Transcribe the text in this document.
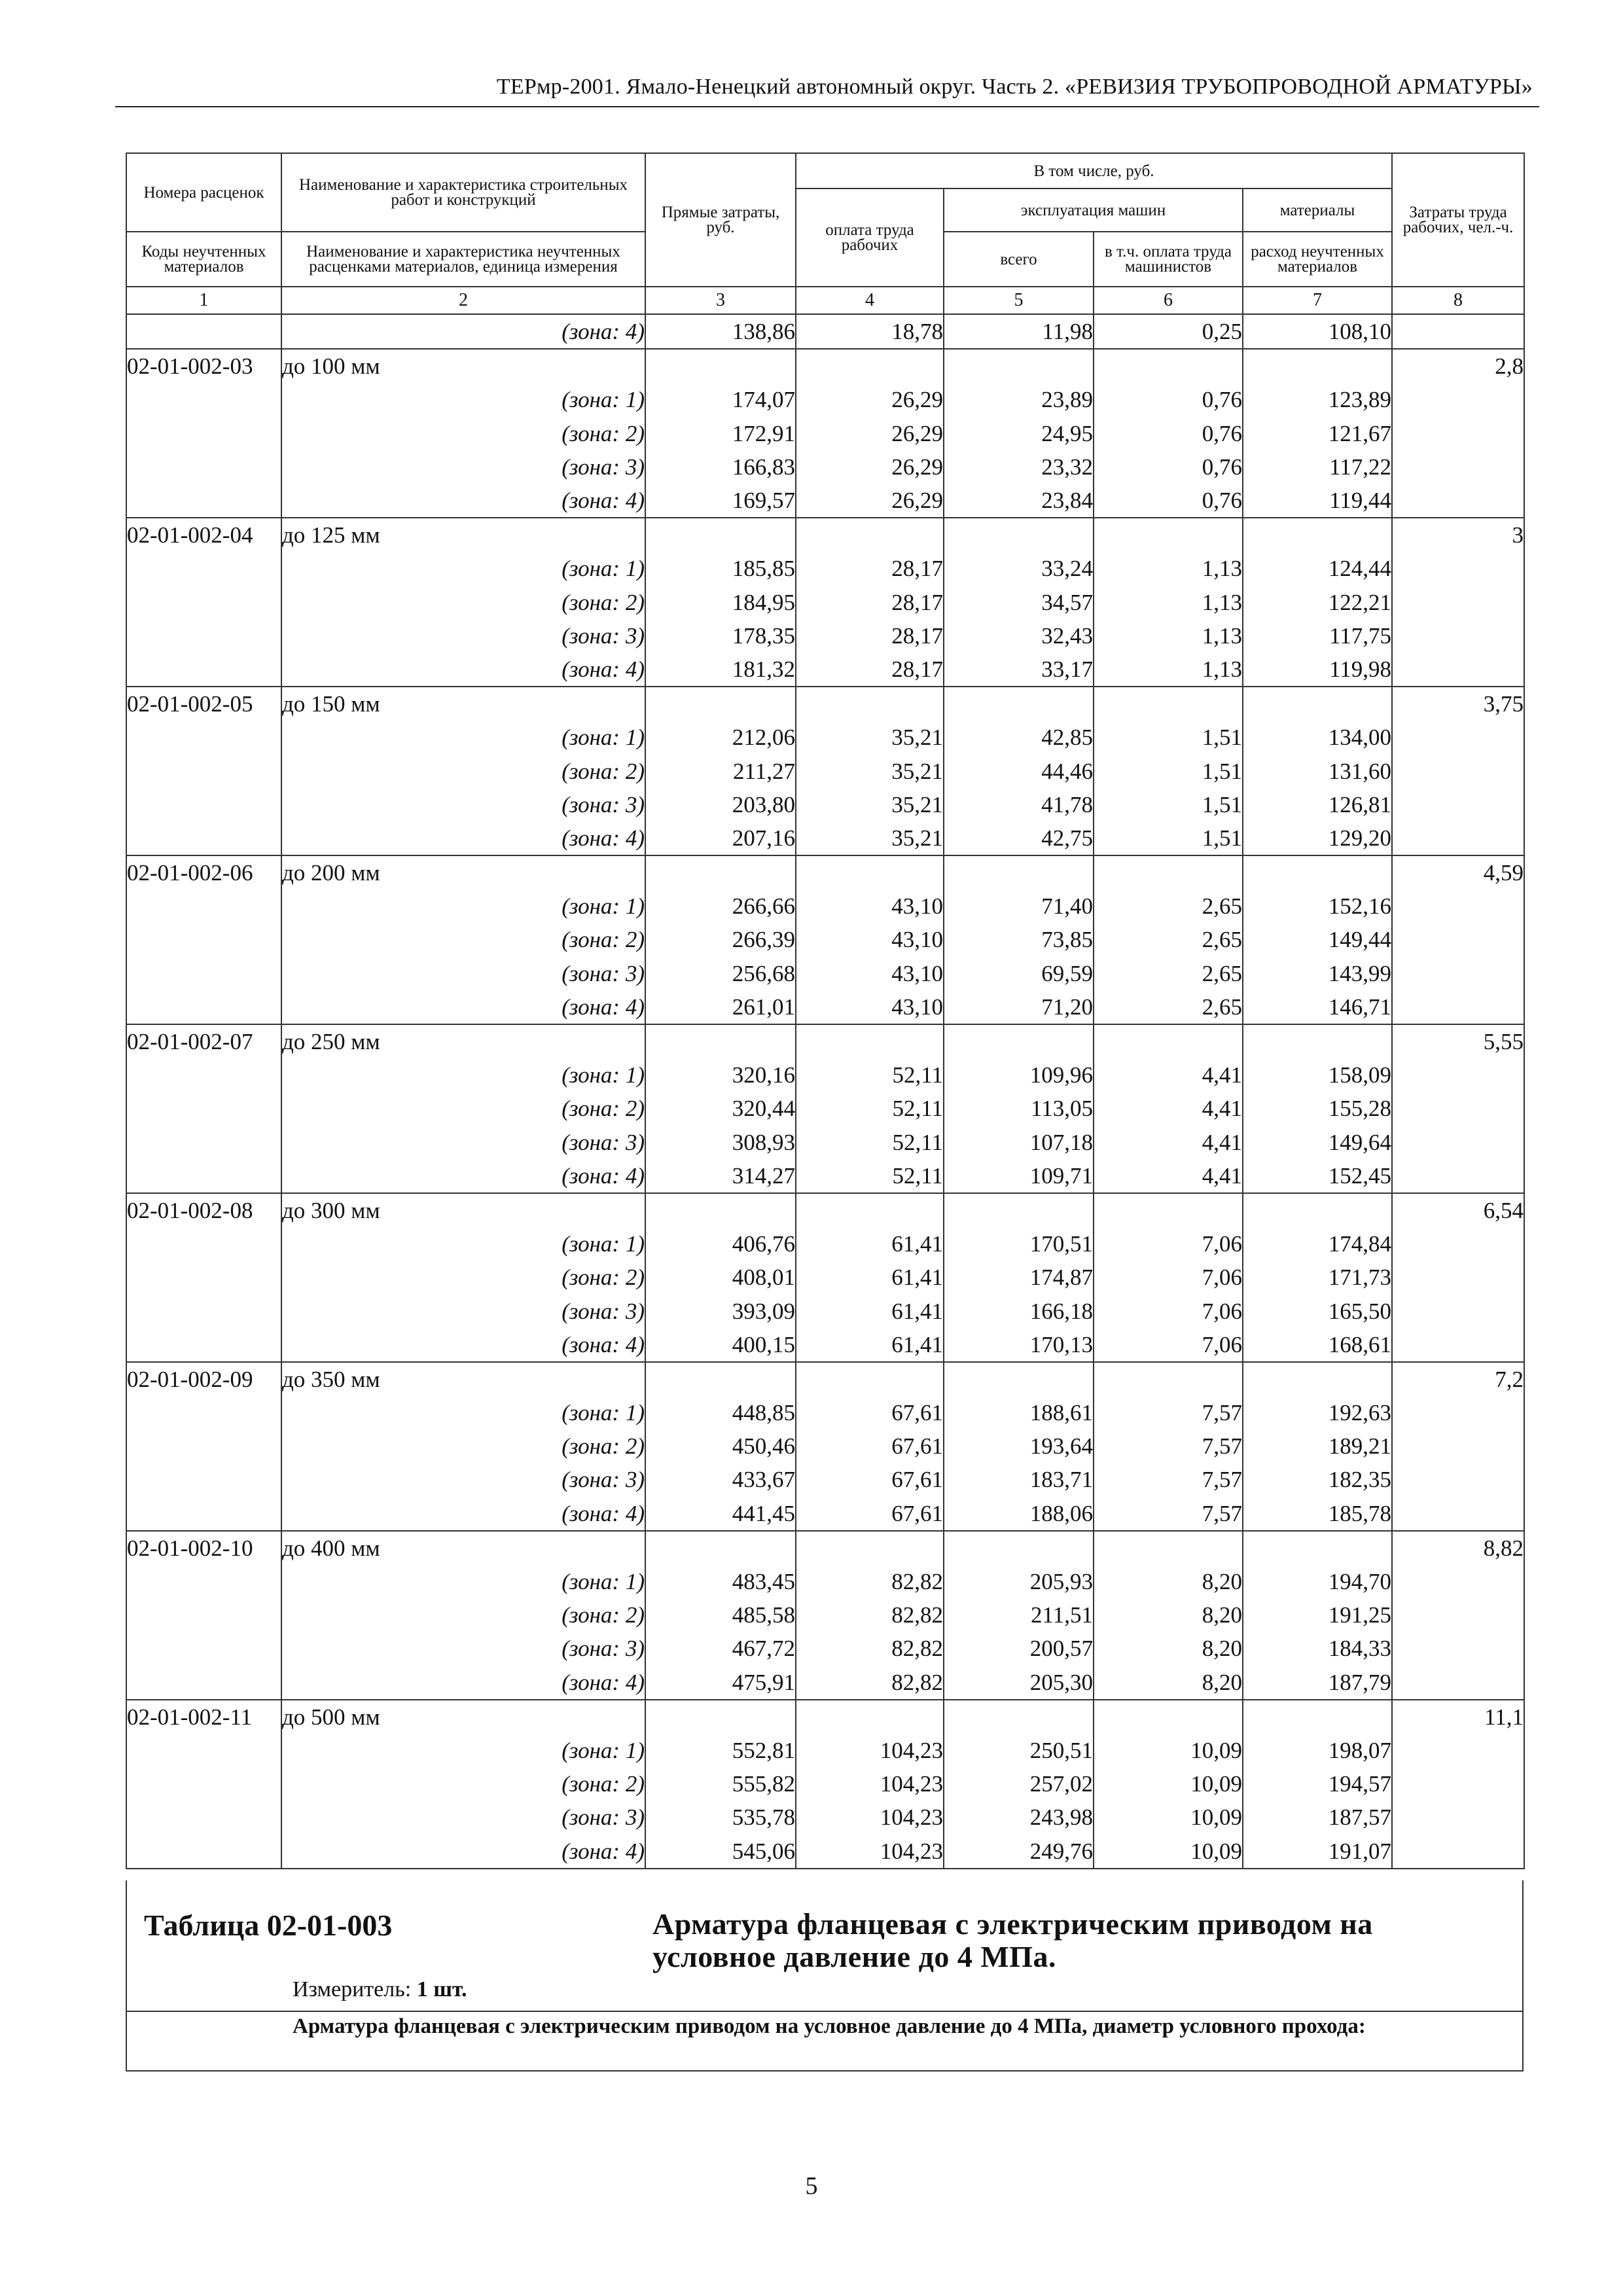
ТЕРмр-2001. Ямало-Ненецкий автономный округ. Часть 2. «РЕВИЗИЯ ТРУБОПРОВОДНОЙ АРМАТУРЫ»
Номера расценок	Наименование и характеристика строительных работ и конструкций	Прямые затраты, руб.	В том числе, руб.				Затраты труда рабочих, чел.-ч.
			оплата труда рабочих	эксплуатация машин		материалы	
Коды неучтенных материалов	Наименование и характеристика неучтенных расценками материалов, единица измерения			всего	в т.ч. оплата труда машинистов	расход неучтенных материалов	
1	2	3	4	5	6	7	8
	(зона: 4)	138,86	18,78	11,98	0,25	108,10	
02-01-002-03	до 100 мм						2,8
	(зона: 1)	174,07	26,29	23,89	0,76	123,89	
	(зона: 2)	172,91	26,29	24,95	0,76	121,67	
	(зона: 3)	166,83	26,29	23,32	0,76	117,22	
	(зона: 4)	169,57	26,29	23,84	0,76	119,44	
02-01-002-04	до 125 мм						3
	(зона: 1)	185,85	28,17	33,24	1,13	124,44	
	(зона: 2)	184,95	28,17	34,57	1,13	122,21	
	(зона: 3)	178,35	28,17	32,43	1,13	117,75	
	(зона: 4)	181,32	28,17	33,17	1,13	119,98	
02-01-002-05	до 150 мм						3,75
	(зона: 1)	212,06	35,21	42,85	1,51	134,00	
	(зона: 2)	211,27	35,21	44,46	1,51	131,60	
	(зона: 3)	203,80	35,21	41,78	1,51	126,81	
	(зона: 4)	207,16	35,21	42,75	1,51	129,20	
02-01-002-06	до 200 мм						4,59
	(зона: 1)	266,66	43,10	71,40	2,65	152,16	
	(зона: 2)	266,39	43,10	73,85	2,65	149,44	
	(зона: 3)	256,68	43,10	69,59	2,65	143,99	
	(зона: 4)	261,01	43,10	71,20	2,65	146,71	
02-01-002-07	до 250 мм						5,55
	(зона: 1)	320,16	52,11	109,96	4,41	158,09	
	(зона: 2)	320,44	52,11	113,05	4,41	155,28	
	(зона: 3)	308,93	52,11	107,18	4,41	149,64	
	(зона: 4)	314,27	52,11	109,71	4,41	152,45	
02-01-002-08	до 300 мм						6,54
	(зона: 1)	406,76	61,41	170,51	7,06	174,84	
	(зона: 2)	408,01	61,41	174,87	7,06	171,73	
	(зона: 3)	393,09	61,41	166,18	7,06	165,50	
	(зона: 4)	400,15	61,41	170,13	7,06	168,61	
02-01-002-09	до 350 мм						7,2
	(зона: 1)	448,85	67,61	188,61	7,57	192,63	
	(зона: 2)	450,46	67,61	193,64	7,57	189,21	
	(зона: 3)	433,67	67,61	183,71	7,57	182,35	
	(зона: 4)	441,45	67,61	188,06	7,57	185,78	
02-01-002-10	до 400 мм						8,82
	(зона: 1)	483,45	82,82	205,93	8,20	194,70	
	(зона: 2)	485,58	82,82	211,51	8,20	191,25	
	(зона: 3)	467,72	82,82	200,57	8,20	184,33	
	(зона: 4)	475,91	82,82	205,30	8,20	187,79	
02-01-002-11	до 500 мм						11,1
	(зона: 1)	552,81	104,23	250,51	10,09	198,07	
	(зона: 2)	555,82	104,23	257,02	10,09	194,57	
	(зона: 3)	535,78	104,23	243,98	10,09	187,57	
	(зона: 4)	545,06	104,23	249,76	10,09	191,07	
Таблица 02-01-003	Арматура фланцевая с электрическим приводом на условное давление до 4 МПа.
Измеритель: 1 шт.
Арматура фланцевая с электрическим приводом на условное давление до 4 МПа, диаметр условного прохода:
5
